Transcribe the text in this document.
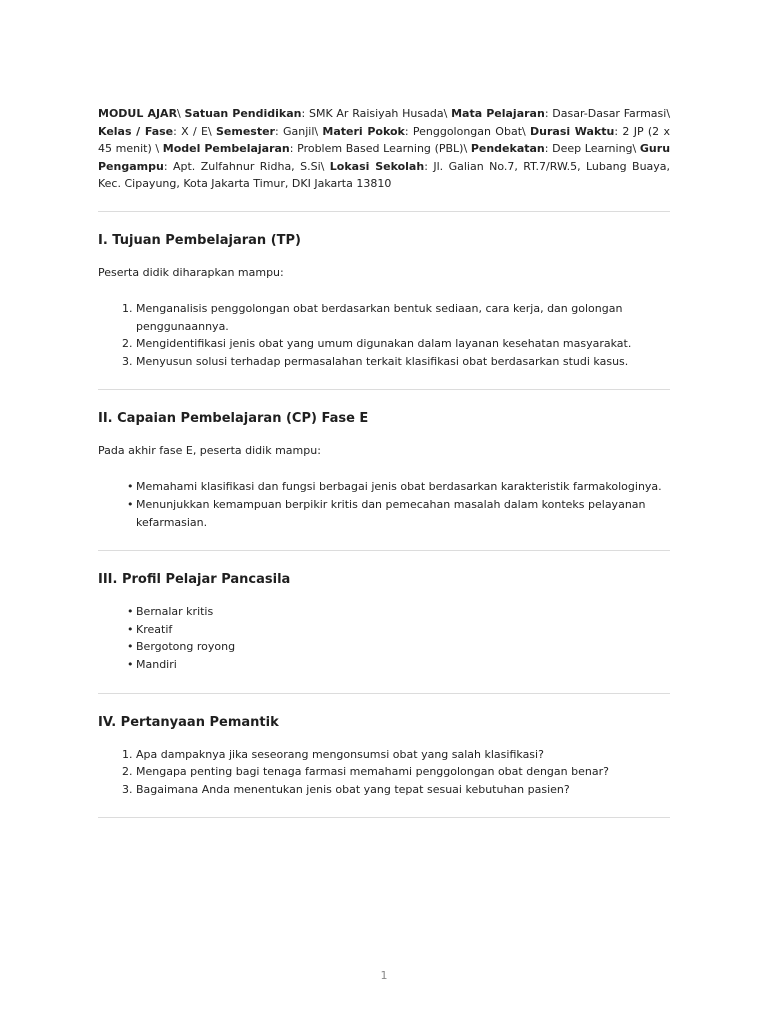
MODUL AJAR\ Satuan Pendidikan: SMK Ar Raisiyah Husada\ Mata Pelajaran: Dasar-Dasar Farmasi\ Kelas / Fase: X / E\ Semester: Ganjil\ Materi Pokok: Penggolongan Obat\ Durasi Waktu: 2 JP (2 x 45 menit) \ Model Pembelajaran: Problem Based Learning (PBL)\ Pendekatan: Deep Learning\ Guru Pengampu: Apt. Zulfahnur Ridha, S.Si\ Lokasi Sekolah: Jl. Galian No.7, RT.7/RW.5, Lubang Buaya, Kec. Cipayung, Kota Jakarta Timur, DKI Jakarta 13810

I. Tujuan Pembelajaran (TP)

Peserta didik diharapkan mampu:

1. Menganalisis penggolongan obat berdasarkan bentuk sediaan, cara kerja, dan golongan penggunaannya.
2. Mengidentifikasi jenis obat yang umum digunakan dalam layanan kesehatan masyarakat.
3. Menyusun solusi terhadap permasalahan terkait klasifikasi obat berdasarkan studi kasus.
II. Capaian Pembelajaran (CP) Fase E

Pada akhir fase E, peserta didik mampu:

• Memahami klasifikasi dan fungsi berbagai jenis obat berdasarkan karakteristik farmakologinya.
• Menunjukkan kemampuan berpikir kritis dan pemecahan masalah dalam konteks pelayanan kefarmasian.
III. Profil Pelajar Pancasila
• Bernalar kritis
• Kreatif
• Bergotong royong
• Mandiri
IV. Pertanyaan Pemantik
1. Apa dampaknya jika seseorang mengonsumsi obat yang salah klasifikasi?
2. Mengapa penting bagi tenaga farmasi memahami penggolongan obat dengan benar?
3. Bagaimana Anda menentukan jenis obat yang tepat sesuai kebutuhan pasien?
1
